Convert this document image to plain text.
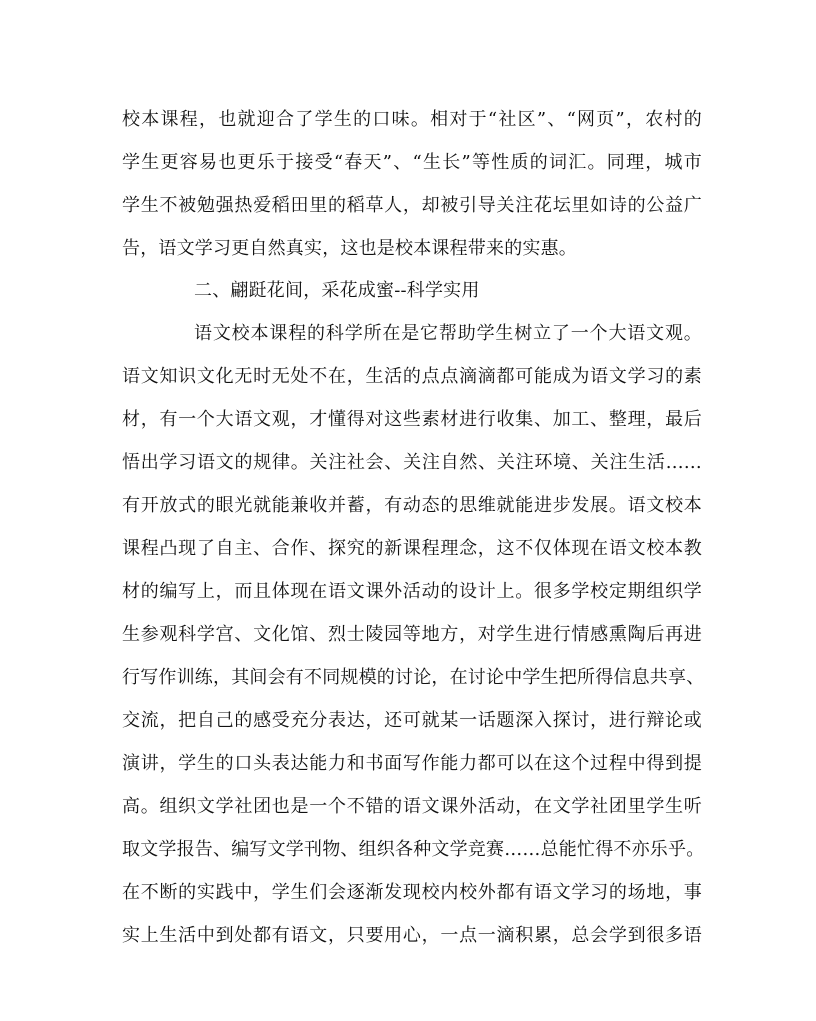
校本课程，也就迎合了学生的口味。相对于“社区”、“网页”，农村的
学生更容易也更乐于接受“春天”、“生长”等性质的词汇。同理，城市
学生不被勉强热爱稻田里的稻草人，却被引导关注花坛里如诗的公益广
告，语文学习更自然真实，这也是校本课程带来的实惠。
二、翩跹花间，采花成蜜--科学实用
语文校本课程的科学所在是它帮助学生树立了一个大语文观。
语文知识文化无时无处不在，生活的点点滴滴都可能成为语文学习的素
材，有一个大语文观，才懂得对这些素材进行收集、加工、整理，最后
悟出学习语文的规律。关注社会、关注自然、关注环境、关注生活……
有开放式的眼光就能兼收并蓄，有动态的思维就能进步发展。语文校本
课程凸现了自主、合作、探究的新课程理念，这不仅体现在语文校本教
材的编写上，而且体现在语文课外活动的设计上。很多学校定期组织学
生参观科学宫、文化馆、烈士陵园等地方，对学生进行情感熏陶后再进
行写作训练，其间会有不同规模的讨论，在讨论中学生把所得信息共享、
交流，把自己的感受充分表达，还可就某一话题深入探讨，进行辩论或
演讲，学生的口头表达能力和书面写作能力都可以在这个过程中得到提
高。组织文学社团也是一个不错的语文课外活动，在文学社团里学生听
取文学报告、编写文学刊物、组织各种文学竞赛……总能忙得不亦乐乎。
在不断的实践中，学生们会逐渐发现校内校外都有语文学习的场地，事
实上生活中到处都有语文，只要用心，一点一滴积累，总会学到很多语
